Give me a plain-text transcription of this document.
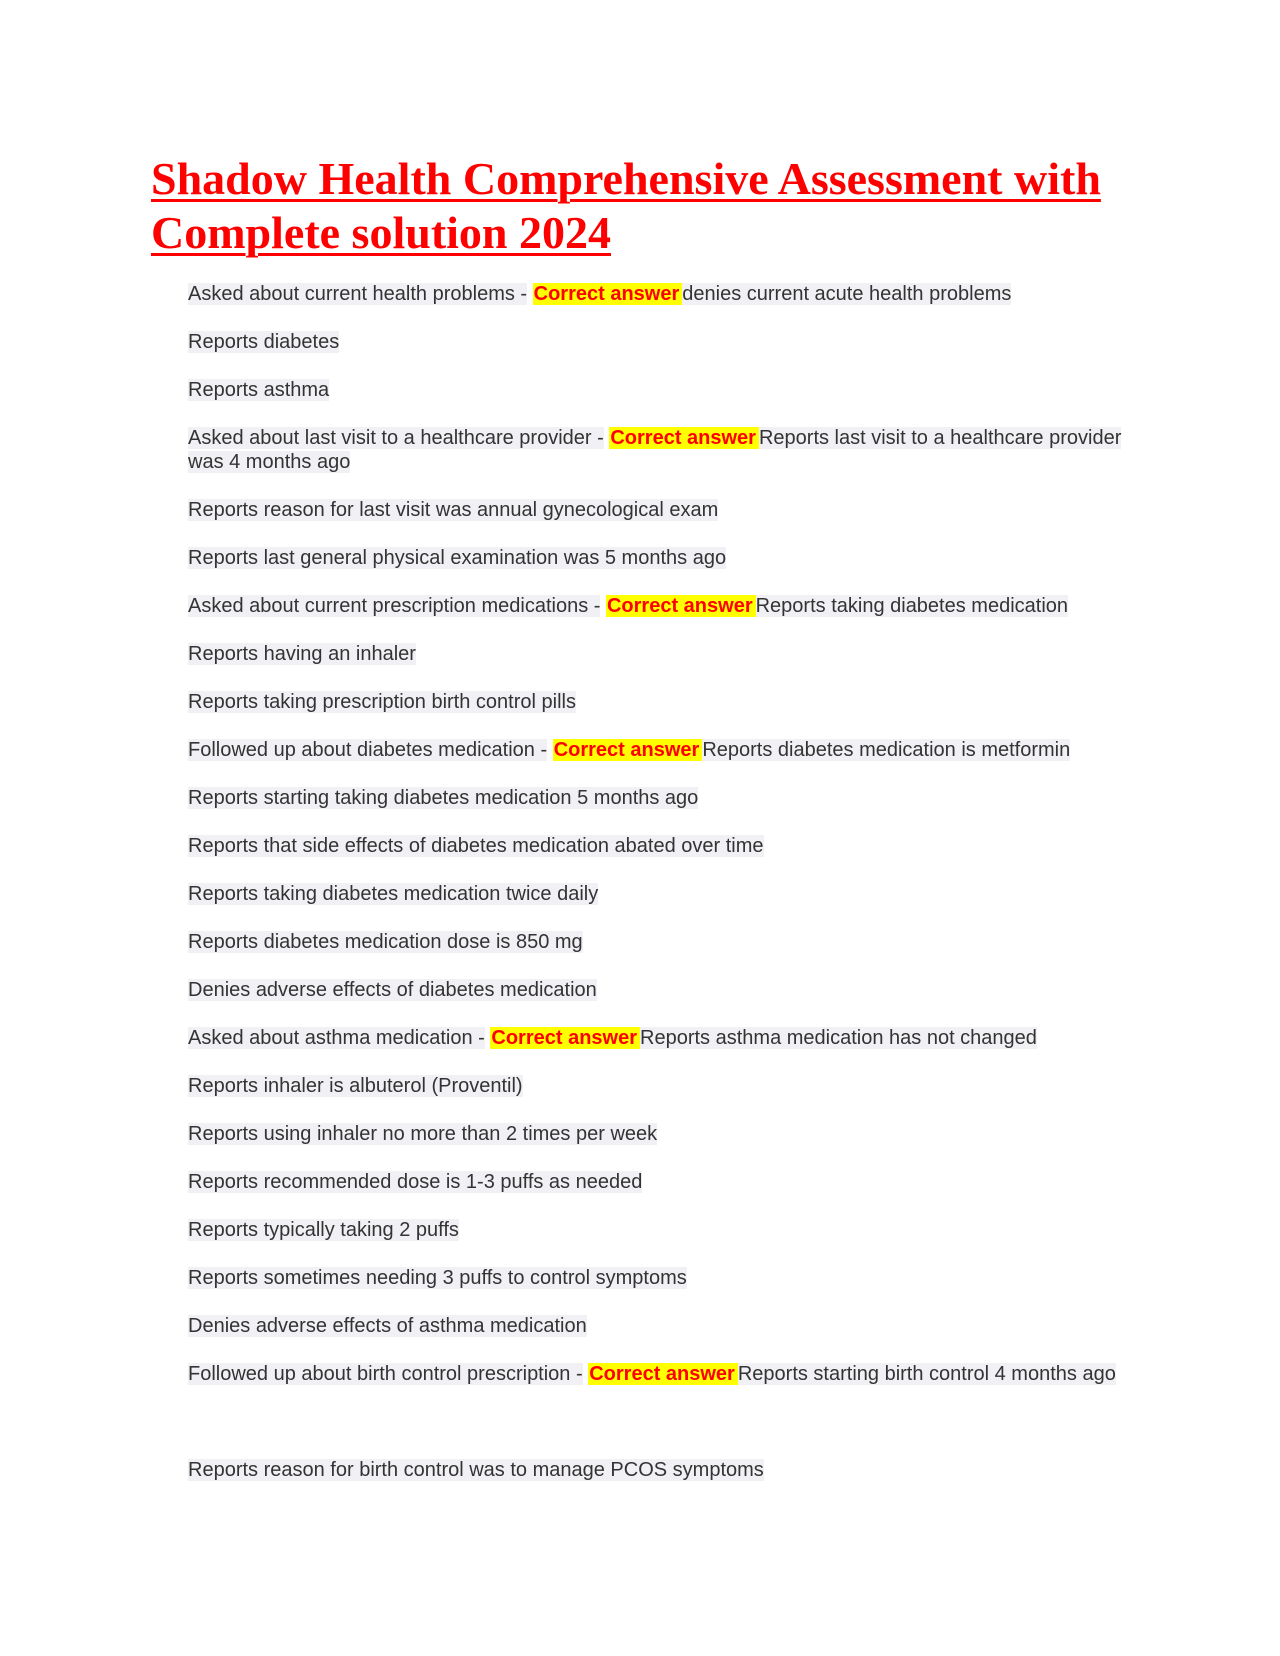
Shadow Health Comprehensive Assessment with Complete solution 2024
Asked about current health problems - Correct answer denies current acute health problems
Reports diabetes
Reports asthma
Asked about last visit to a healthcare provider - Correct answer Reports last visit to a healthcare provider was 4 months ago
Reports reason for last visit was annual gynecological exam
Reports last general physical examination was 5 months ago
Asked about current prescription medications - Correct answer Reports taking diabetes medication
Reports having an inhaler
Reports taking prescription birth control pills
Followed up about diabetes medication - Correct answer Reports diabetes medication is metformin
Reports starting taking diabetes medication 5 months ago
Reports that side effects of diabetes medication abated over time
Reports taking diabetes medication twice daily
Reports diabetes medication dose is 850 mg
Denies adverse effects of diabetes medication
Asked about asthma medication - Correct answer Reports asthma medication has not changed
Reports inhaler is albuterol (Proventil)
Reports using inhaler no more than 2 times per week
Reports recommended dose is 1-3 puffs as needed
Reports typically taking 2 puffs
Reports sometimes needing 3 puffs to control symptoms
Denies adverse effects of asthma medication
Followed up about birth control prescription - Correct answer Reports starting birth control 4 months ago
Reports reason for birth control was to manage PCOS symptoms
